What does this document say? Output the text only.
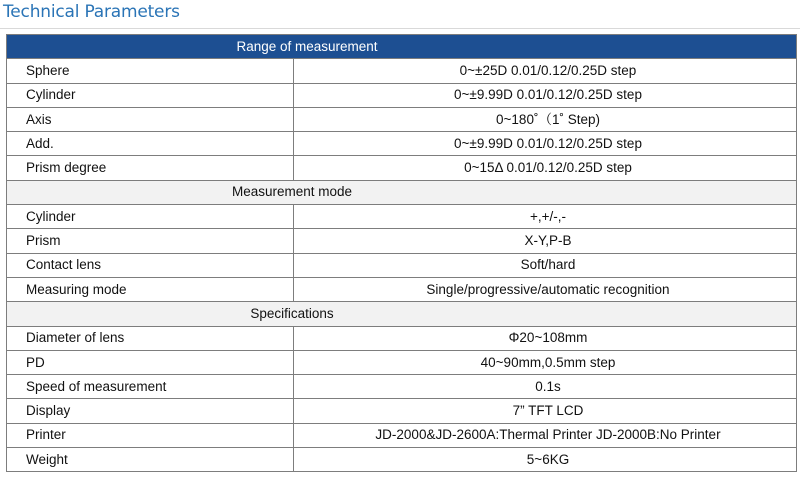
Technical Parameters
Range of measurement	

Sphere	0~±25D 0.01/0.12/0.25D step
Cylinder	0~±9.99D 0.01/0.12/0.25D step
Axis	0~180˚（1˚ Step)
Add.	0~±9.99D 0.01/0.12/0.25D step
Prism degree	0~15Δ 0.01/0.12/0.25D step

Measurement mode	

Cylinder	+,+/-,-
Prism	X-Y,P-B
Contact lens	Soft/hard
Measuring mode	Single/progressive/automatic recognition

Specifications	

Diameter of lens	Φ20~108mm
PD	40~90mm,0.5mm step
Speed of measurement	0.1s
Display	7” TFT LCD
Printer	JD-2000&JD-2600A:Thermal Printer JD-2000B:No Printer
Weight	5~6KG
